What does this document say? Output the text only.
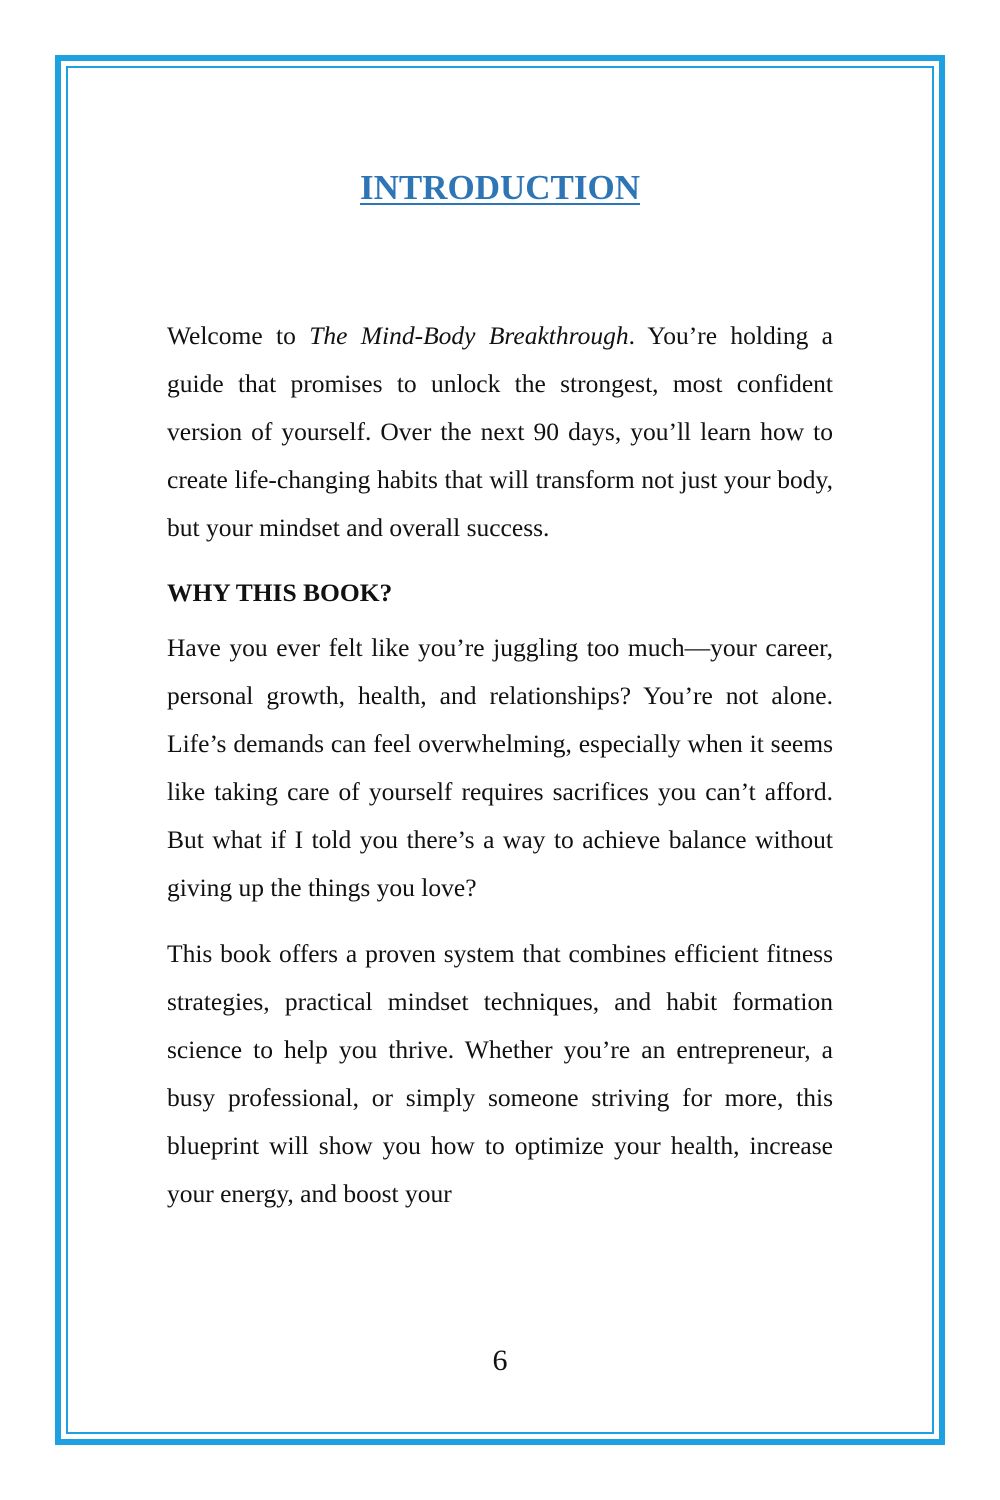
INTRODUCTION

Welcome to The Mind-Body Breakthrough. You’re holding a guide that promises to unlock the strongest, most confident version of yourself. Over the next 90 days, you’ll learn how to create life-changing habits that will transform not just your body, but your mindset and overall success.

WHY THIS BOOK?

Have you ever felt like you’re juggling too much—your career, personal growth, health, and relationships? You’re not alone. Life’s demands can feel overwhelming, especially when it seems like taking care of yourself requires sacrifices you can’t afford. But what if I told you there’s a way to achieve balance without giving up the things you love?

This book offers a proven system that combines efficient fitness strategies, practical mindset techniques, and habit formation science to help you thrive. Whether you’re an entrepreneur, a busy professional, or simply someone striving for more, this blueprint will show you how to optimize your health, increase your energy, and boost your

6
